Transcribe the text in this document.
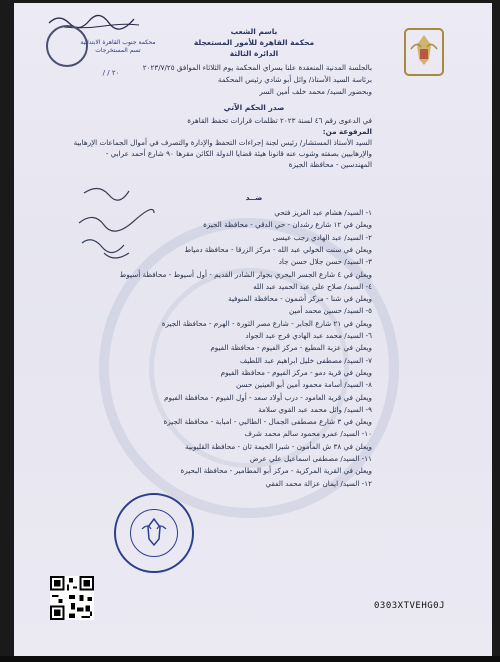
محكمة جنوب القاهرة الابتدائية تسم المستخرجات
٢٠ / /
باسم الشعب
محكمة القاهرة للأمور المستعجلة
الدائرة الثالثة
بالجلسة المدنية المنعقدة علنا بسراي المحكمة يوم الثلاثاء الموافق ٢٠٢٣/٧/٢٥
برئاسة السيد الأستاذ/ وائل أبو شادي رئيس المحكمة
وبحضور السيد/ محمد خلف أمين السر
صدر الحكم الآتي
في الدعوى رقم ٤٦ لسنة ٢٠٢٣ تظلمات قرارات تحفظ القاهرة
المرفوعة من:
السيد الأستاذ المستشار/ رئيس لجنة إجراءات التحفظ والإدارة والتصرف في أموال الجماعات الإرهابية
والإرهابيين بصفته وشوب عنه قانونا هيئة قضايا الدولة الكائن مقرها ٩٠ شارع أحمد عرابي -
المهندسين - محافظة الجيزة
ضــد
١- السيد/ هشام عبد العزيز فتحي
ويعلن في ١٢ شارع رشدان - حي الدقي - محافظة الجيزة
٢- السيد/ عبد الهادي رجب عيسى
ويعلن في سنت الخولي عبد الله - مركز الزرقا - محافظة دمياط
٣- السيد/ حسن جلال حسن جاد
ويعلن في ٤ شارع الجسر البحري بجوار الشادر القديم - أول أسيوط - محافظة أسيوط
٤- السيد/ صلاح علي عبد الحميد عبد الله
ويعلن في شنا - مركز أشمون - محافظة المنوفية
٥- السيد/ حسين محمد أمين
ويعلن في ٢١ شارع الجابر - شارع مصر الثورة - الهرم - محافظة الجيزة
٦- السيد/ محمد عبد الهادي فرج عبد الجواد
ويعلن في عزبة المطبع - مركز الفيوم - محافظة الفيوم
٧- السيد/ مصطفى خليل ابراهيم عبد اللطيف
ويعلن في قرية دمو - مركز الفيوم - محافظة الفيوم
٨- السيد/ أسامة محمود أمين أبو العينين حسن
ويعلن في قرية العامود - درب أولاد سعد - أول الفيوم - محافظة الفيوم
٩- السيد/ وائل محمد عبد القوي سلامة
ويعلن في ٣ شارع مصطفى الجمال - الطالبي - امبابة - محافظة الجيزة
١٠- السيد/ عمرو محمود سالم محمد شرف
ويعلن في ٣٨ ش المأمون - شبرا الخيمة ثان - محافظة القليوبية
١١- السيد/ مصطفى اسماعيل علي عرض
ويعلن في القرية المركزية - مركز أبو المطامير - محافظة البحيرة
١٢- السيد/ ايمان عزالة محمد الفقي
0303XTVEHG0J
